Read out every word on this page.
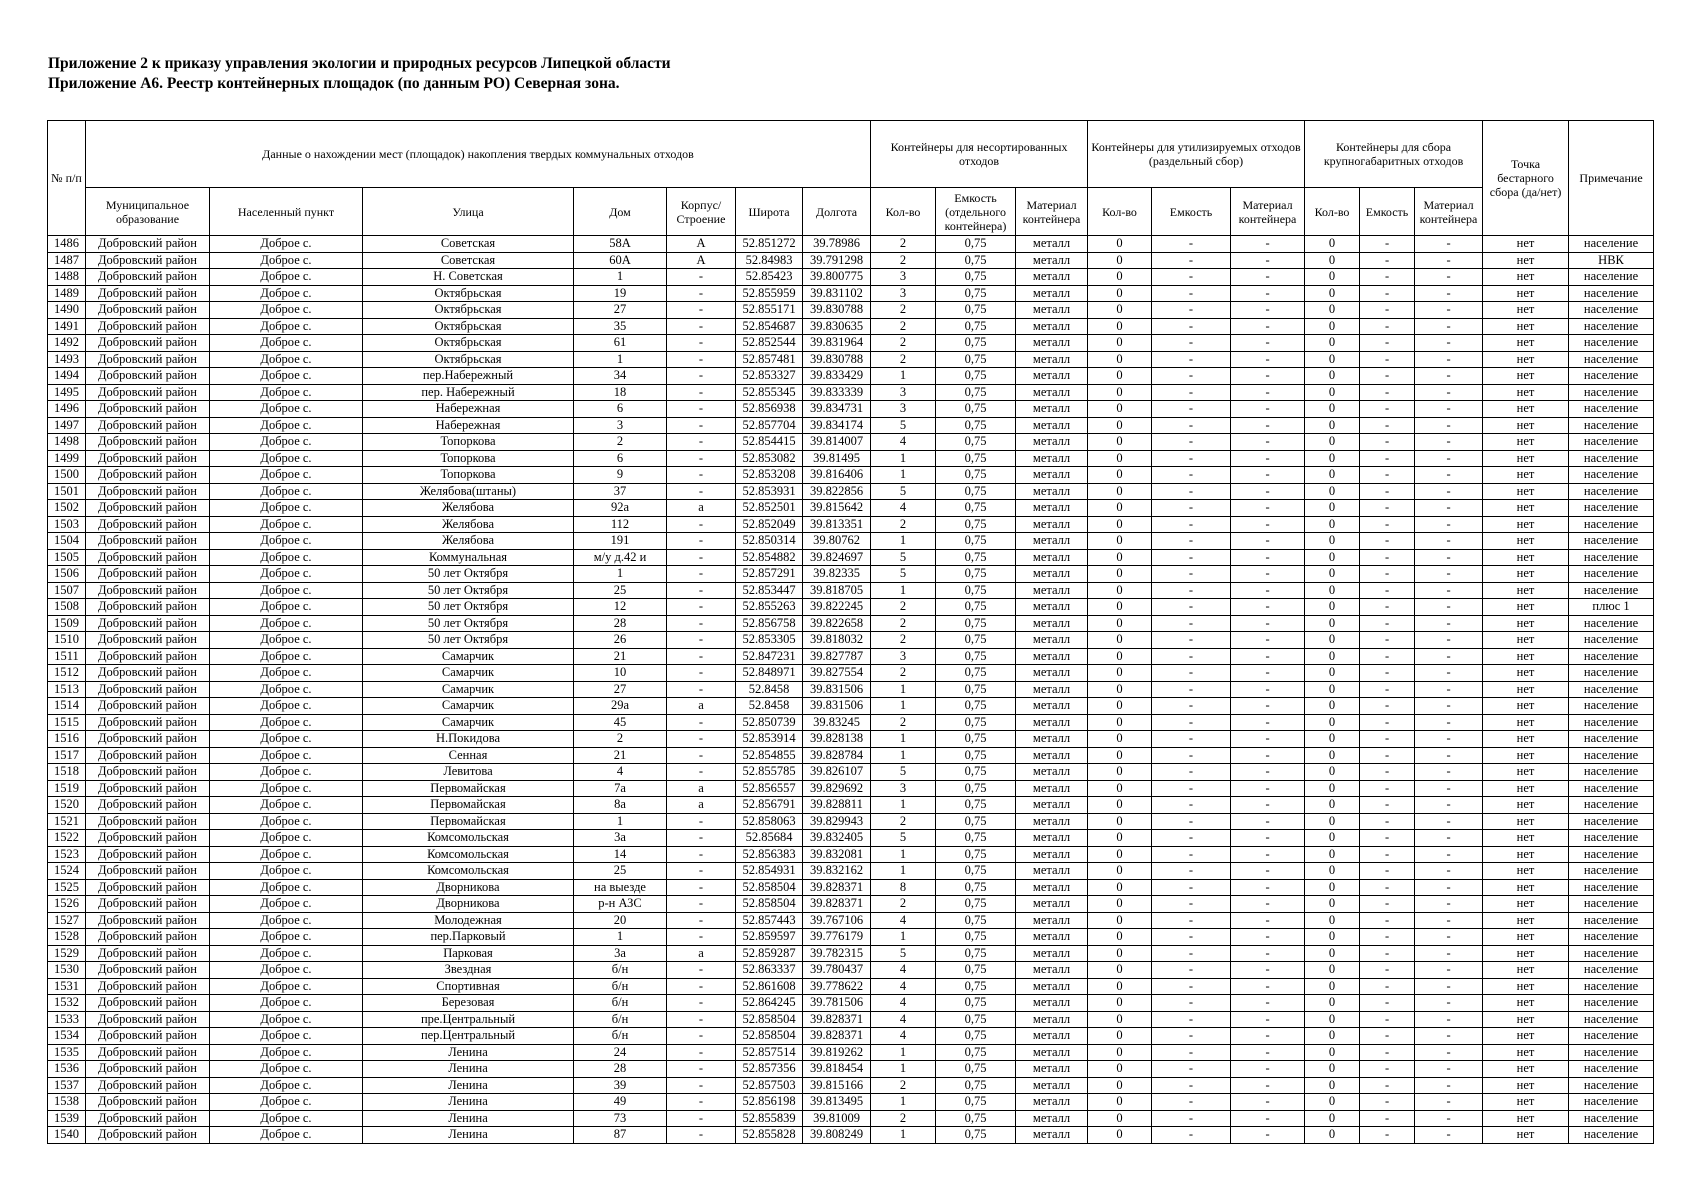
Приложение 2 к приказу управления экологии и природных ресурсов Липецкой области
Приложение А6. Реестр контейнерных площадок (по данным РО) Северная зона.
№ п/п	Данные о нахождении мест (площадок) накопления твердых коммунальных отходов							Контейнеры для несортированных отходов			Контейнеры для утилизируемых отходов (раздельный сбор)			Контейнеры для сбора крупногабаритных отходов			Точка бестарного сбора (да/нет)	Примечание
	Муниципальное образование	Населенный пункт	Улица	Дом	Корпус/ Строение	Широта	Долгота	Кол-во	Емкость (отдельного контейнера)	Материал контейнера	Кол-во	Емкость	Материал контейнера	Кол-во	Емкость	Материал контейнера		
1486	Добровский район	Доброе с.	Советская	58А	А	52.851272	39.78986	2	0,75	металл	0	-	-	0	-	-	нет	население
1487	Добровский район	Доброе с.	Советская	60А	А	52.84983	39.791298	2	0,75	металл	0	-	-	0	-	-	нет	НВК
1488	Добровский район	Доброе с.	Н. Советская	1	-	52.85423	39.800775	3	0,75	металл	0	-	-	0	-	-	нет	население
1489	Добровский район	Доброе с.	Октябрьская	19	-	52.855959	39.831102	3	0,75	металл	0	-	-	0	-	-	нет	население
1490	Добровский район	Доброе с.	Октябрьская	27	-	52.855171	39.830788	2	0,75	металл	0	-	-	0	-	-	нет	население
1491	Добровский район	Доброе с.	Октябрьская	35	-	52.854687	39.830635	2	0,75	металл	0	-	-	0	-	-	нет	население
1492	Добровский район	Доброе с.	Октябрьская	61	-	52.852544	39.831964	2	0,75	металл	0	-	-	0	-	-	нет	население
1493	Добровский район	Доброе с.	Октябрьская	1	-	52.857481	39.830788	2	0,75	металл	0	-	-	0	-	-	нет	население
1494	Добровский район	Доброе с.	пер.Набережный	34	-	52.853327	39.833429	1	0,75	металл	0	-	-	0	-	-	нет	население
1495	Добровский район	Доброе с.	пер. Набережный	18	-	52.855345	39.833339	3	0,75	металл	0	-	-	0	-	-	нет	население
1496	Добровский район	Доброе с.	Набережная	6	-	52.856938	39.834731	3	0,75	металл	0	-	-	0	-	-	нет	население
1497	Добровский район	Доброе с.	Набережная	3	-	52.857704	39.834174	5	0,75	металл	0	-	-	0	-	-	нет	население
1498	Добровский район	Доброе с.	Топоркова	2	-	52.854415	39.814007	4	0,75	металл	0	-	-	0	-	-	нет	население
1499	Добровский район	Доброе с.	Топоркова	6	-	52.853082	39.81495	1	0,75	металл	0	-	-	0	-	-	нет	население
1500	Добровский район	Доброе с.	Топоркова	9	-	52.853208	39.816406	1	0,75	металл	0	-	-	0	-	-	нет	население
1501	Добровский район	Доброе с.	Желябова(штаны)	37	-	52.853931	39.822856	5	0,75	металл	0	-	-	0	-	-	нет	население
1502	Добровский район	Доброе с.	Желябова	92а	а	52.852501	39.815642	4	0,75	металл	0	-	-	0	-	-	нет	население
1503	Добровский район	Доброе с.	Желябова	112	-	52.852049	39.813351	2	0,75	металл	0	-	-	0	-	-	нет	население
1504	Добровский район	Доброе с.	Желябова	191	-	52.850314	39.80762	1	0,75	металл	0	-	-	0	-	-	нет	население
1505	Добровский район	Доброе с.	Коммунальная	м/у д.42 и	-	52.854882	39.824697	5	0,75	металл	0	-	-	0	-	-	нет	население
1506	Добровский район	Доброе с.	50 лет Октября	1	-	52.857291	39.82335	5	0,75	металл	0	-	-	0	-	-	нет	население
1507	Добровский район	Доброе с.	50 лет Октября	25	-	52.853447	39.818705	1	0,75	металл	0	-	-	0	-	-	нет	население
1508	Добровский район	Доброе с.	50 лет Октября	12	-	52.855263	39.822245	2	0,75	металл	0	-	-	0	-	-	нет	плюс 1
1509	Добровский район	Доброе с.	50 лет Октября	28	-	52.856758	39.822658	2	0,75	металл	0	-	-	0	-	-	нет	население
1510	Добровский район	Доброе с.	50 лет Октября	26	-	52.853305	39.818032	2	0,75	металл	0	-	-	0	-	-	нет	население
1511	Добровский район	Доброе с.	Самарчик	21	-	52.847231	39.827787	3	0,75	металл	0	-	-	0	-	-	нет	население
1512	Добровский район	Доброе с.	Самарчик	10	-	52.848971	39.827554	2	0,75	металл	0	-	-	0	-	-	нет	население
1513	Добровский район	Доброе с.	Самарчик	27	-	52.8458	39.831506	1	0,75	металл	0	-	-	0	-	-	нет	население
1514	Добровский район	Доброе с.	Самарчик	29а	а	52.8458	39.831506	1	0,75	металл	0	-	-	0	-	-	нет	население
1515	Добровский район	Доброе с.	Самарчик	45	-	52.850739	39.83245	2	0,75	металл	0	-	-	0	-	-	нет	население
1516	Добровский район	Доброе с.	Н.Покидова	2	-	52.853914	39.828138	1	0,75	металл	0	-	-	0	-	-	нет	население
1517	Добровский район	Доброе с.	Сенная	21	-	52.854855	39.828784	1	0,75	металл	0	-	-	0	-	-	нет	население
1518	Добровский район	Доброе с.	Левитова	4	-	52.855785	39.826107	5	0,75	металл	0	-	-	0	-	-	нет	население
1519	Добровский район	Доброе с.	Первомайская	7а	а	52.856557	39.829692	3	0,75	металл	0	-	-	0	-	-	нет	население
1520	Добровский район	Доброе с.	Первомайская	8а	а	52.856791	39.828811	1	0,75	металл	0	-	-	0	-	-	нет	население
1521	Добровский район	Доброе с.	Первомайская	1	-	52.858063	39.829943	2	0,75	металл	0	-	-	0	-	-	нет	население
1522	Добровский район	Доброе с.	Комсомольская	3а	-	52.85684	39.832405	5	0,75	металл	0	-	-	0	-	-	нет	население
1523	Добровский район	Доброе с.	Комсомольская	14	-	52.856383	39.832081	1	0,75	металл	0	-	-	0	-	-	нет	население
1524	Добровский район	Доброе с.	Комсомольская	25	-	52.854931	39.832162	1	0,75	металл	0	-	-	0	-	-	нет	население
1525	Добровский район	Доброе с.	Дворникова	на выезде	-	52.858504	39.828371	8	0,75	металл	0	-	-	0	-	-	нет	население
1526	Добровский район	Доброе с.	Дворникова	р-н АЗС	-	52.858504	39.828371	2	0,75	металл	0	-	-	0	-	-	нет	население
1527	Добровский район	Доброе с.	Молодежная	20	-	52.857443	39.767106	4	0,75	металл	0	-	-	0	-	-	нет	население
1528	Добровский район	Доброе с.	пер.Парковый	1	-	52.859597	39.776179	1	0,75	металл	0	-	-	0	-	-	нет	население
1529	Добровский район	Доброе с.	Парковая	3а	а	52.859287	39.782315	5	0,75	металл	0	-	-	0	-	-	нет	население
1530	Добровский район	Доброе с.	Звездная	б/н	-	52.863337	39.780437	4	0,75	металл	0	-	-	0	-	-	нет	население
1531	Добровский район	Доброе с.	Спортивная	б/н	-	52.861608	39.778622	4	0,75	металл	0	-	-	0	-	-	нет	население
1532	Добровский район	Доброе с.	Березовая	б/н	-	52.864245	39.781506	4	0,75	металл	0	-	-	0	-	-	нет	население
1533	Добровский район	Доброе с.	пре.Центральный	б/н	-	52.858504	39.828371	4	0,75	металл	0	-	-	0	-	-	нет	население
1534	Добровский район	Доброе с.	пер.Центральный	б/н	-	52.858504	39.828371	4	0,75	металл	0	-	-	0	-	-	нет	население
1535	Добровский район	Доброе с.	Ленина	24	-	52.857514	39.819262	1	0,75	металл	0	-	-	0	-	-	нет	население
1536	Добровский район	Доброе с.	Ленина	28	-	52.857356	39.818454	1	0,75	металл	0	-	-	0	-	-	нет	население
1537	Добровский район	Доброе с.	Ленина	39	-	52.857503	39.815166	2	0,75	металл	0	-	-	0	-	-	нет	население
1538	Добровский район	Доброе с.	Ленина	49	-	52.856198	39.813495	1	0,75	металл	0	-	-	0	-	-	нет	население
1539	Добровский район	Доброе с.	Ленина	73	-	52.855839	39.81009	2	0,75	металл	0	-	-	0	-	-	нет	население
1540	Добровский район	Доброе с.	Ленина	87	-	52.855828	39.808249	1	0,75	металл	0	-	-	0	-	-	нет	население
